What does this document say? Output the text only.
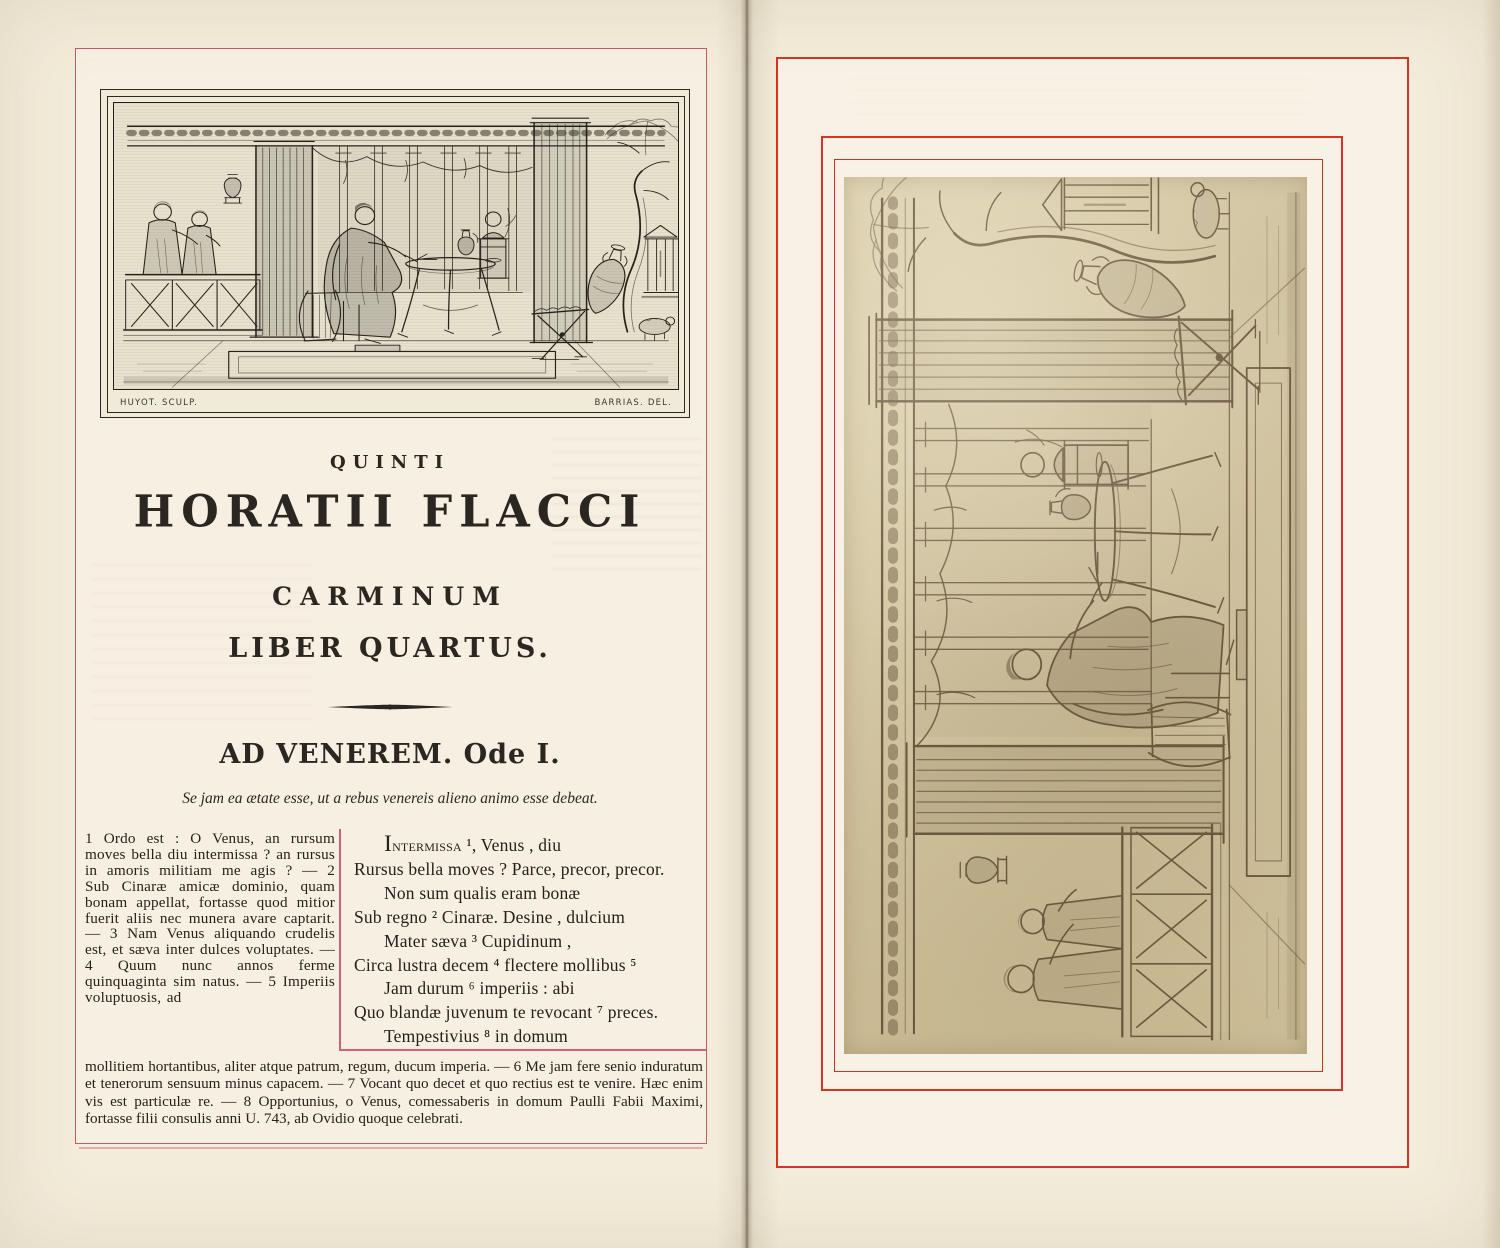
HUYOT. SCULP.	BARRIAS. DEL.
QUINTI
HORATII FLACCI
CARMINUM
LIBER QUARTUS.
AD VENEREM. Ode I.
Se jam ea ætate esse, ut a rebus venereis alieno animo esse debeat.
1 Ordo est : O Venus, an rursum moves bella diu intermissa ? an rursus in amoris militiam me agis ? — 2 Sub Cinaræ amicæ dominio, quam bonam appellat, fortasse quod mitior fuerit aliis nec munera avare captarit. — 3 Nam Venus aliquando crudelis est, et sæva inter dulces voluptates. — 4 Quum nunc annos ferme quinquaginta sim natus. — 5 Imperiis voluptuosis, ad
Intermissa ¹, Venus , diu
Rursus bella moves ? Parce, precor, precor.
Non sum qualis eram bonæ
Sub regno ² Cinaræ. Desine , dulcium
Mater sæva ³ Cupidinum ,
Circa lustra decem ⁴ flectere mollibus ⁵
Jam durum ⁶ imperiis : abi
Quo blandæ juvenum te revocant ⁷ preces.
Tempestivius ⁸ in domum
mollitiem hortantibus, aliter atque patrum, regum, ducum imperia. — 6 Me jam fere senio induratum et tenerorum sensuum minus capacem. — 7 Vocant quo decet et quo rectius est te venire. Hæc enim vis est particulæ re. — 8 Opportunius, o Venus, comessaberis in domum Paulli Fabii Maximi, fortasse filii consulis anni U. 743, ab Ovidio quoque celebrati.
